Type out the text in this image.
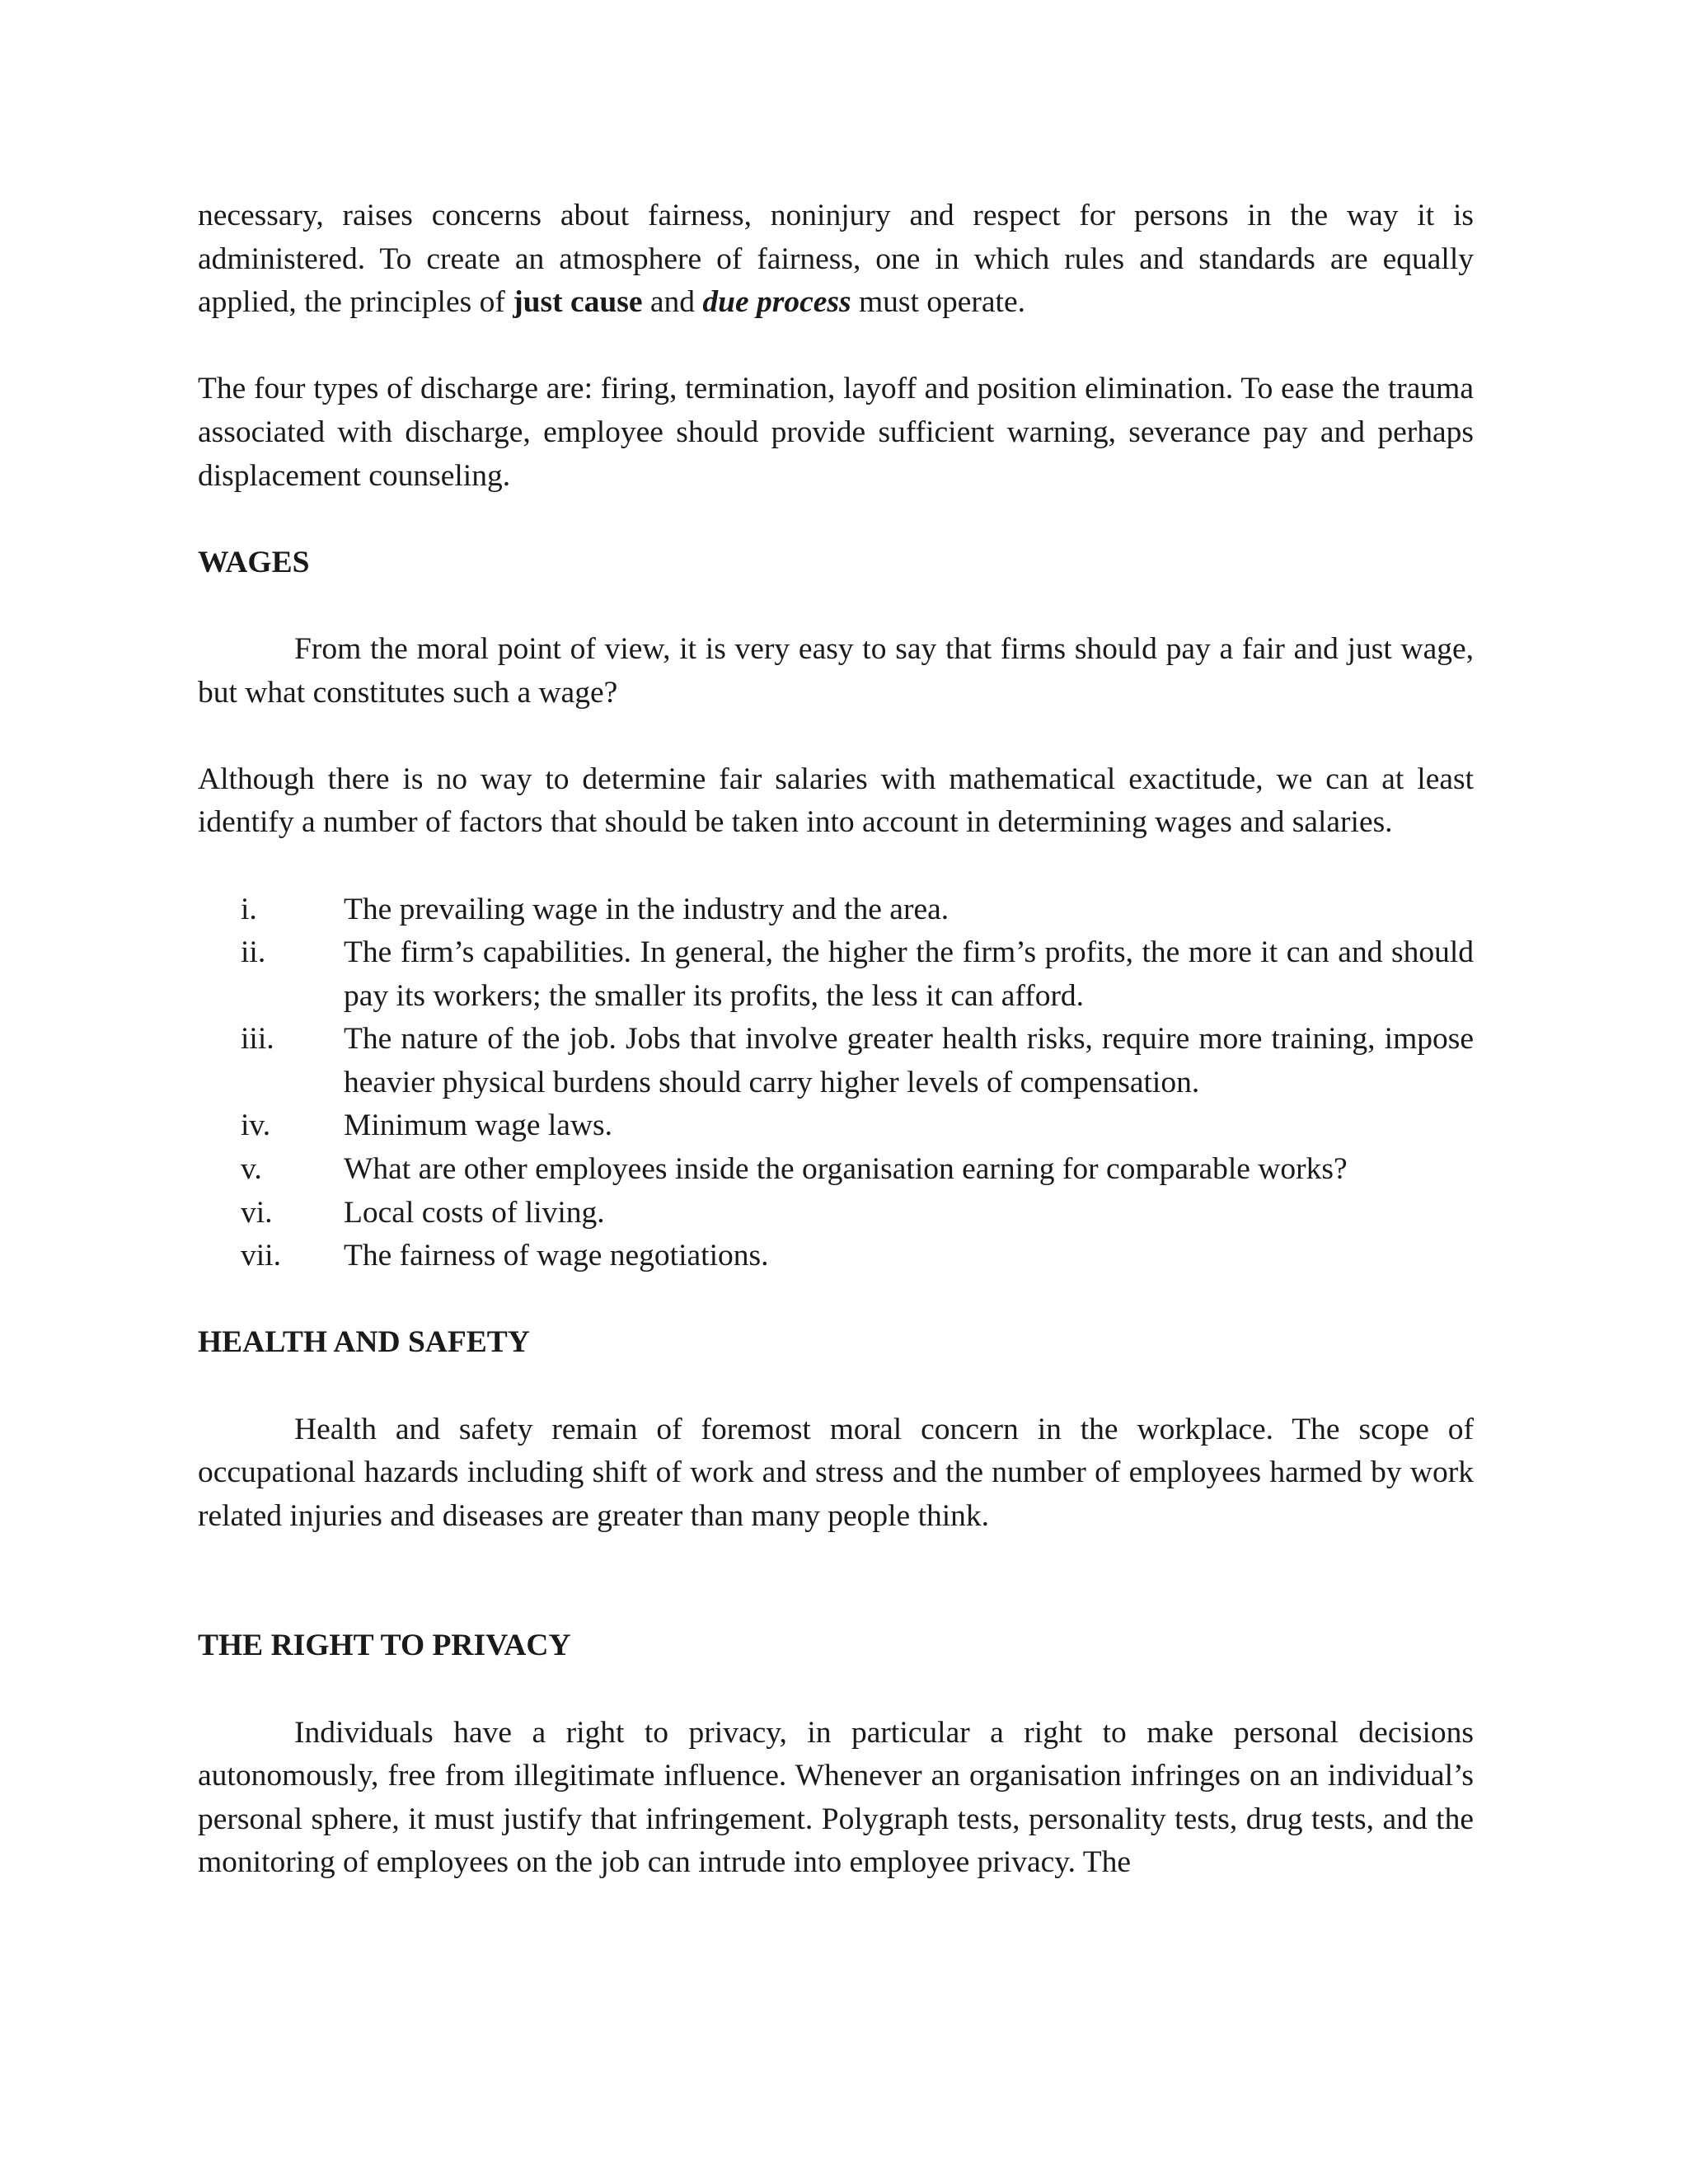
necessary, raises concerns about fairness, noninjury and respect for persons in the way it is administered. To create an atmosphere of fairness, one in which rules and standards are equally applied, the principles of just cause and due process must operate.

The four types of discharge are: firing, termination, layoff and position elimination. To ease the trauma associated with discharge, employee should provide sufficient warning, severance pay and perhaps displacement counseling.

WAGES

From the moral point of view, it is very easy to say that firms should pay a fair and just wage, but what constitutes such a wage?

Although there is no way to determine fair salaries with mathematical exactitude, we can at least identify a number of factors that should be taken into account in determining wages and salaries.

i.	The prevailing wage in the industry and the area.
ii.	The firm’s capabilities. In general, the higher the firm’s profits, the more it can and should pay its workers; the smaller its profits, the less it can afford.
iii. The nature of the job. Jobs that involve greater health risks, require more training, impose heavier physical burdens should carry higher levels of compensation.
iv. Minimum wage laws.
v.	What are other employees inside the organisation earning for comparable works?
vi. Local costs of living.
vii. The fairness of wage negotiations.
HEALTH AND SAFETY

Health and safety remain of foremost moral concern in the workplace. The scope of occupational hazards including shift of work and stress and the number of employees harmed by work related injuries and diseases are greater than many people think.

THE RIGHT TO PRIVACY

Individuals have a right to privacy, in particular a right to make personal decisions autonomously, free from illegitimate influence. Whenever an organisation infringes on an individual’s personal sphere, it must justify that infringement. Polygraph tests, personality tests, drug tests, and the monitoring of employees on the job can intrude into employee privacy. The
